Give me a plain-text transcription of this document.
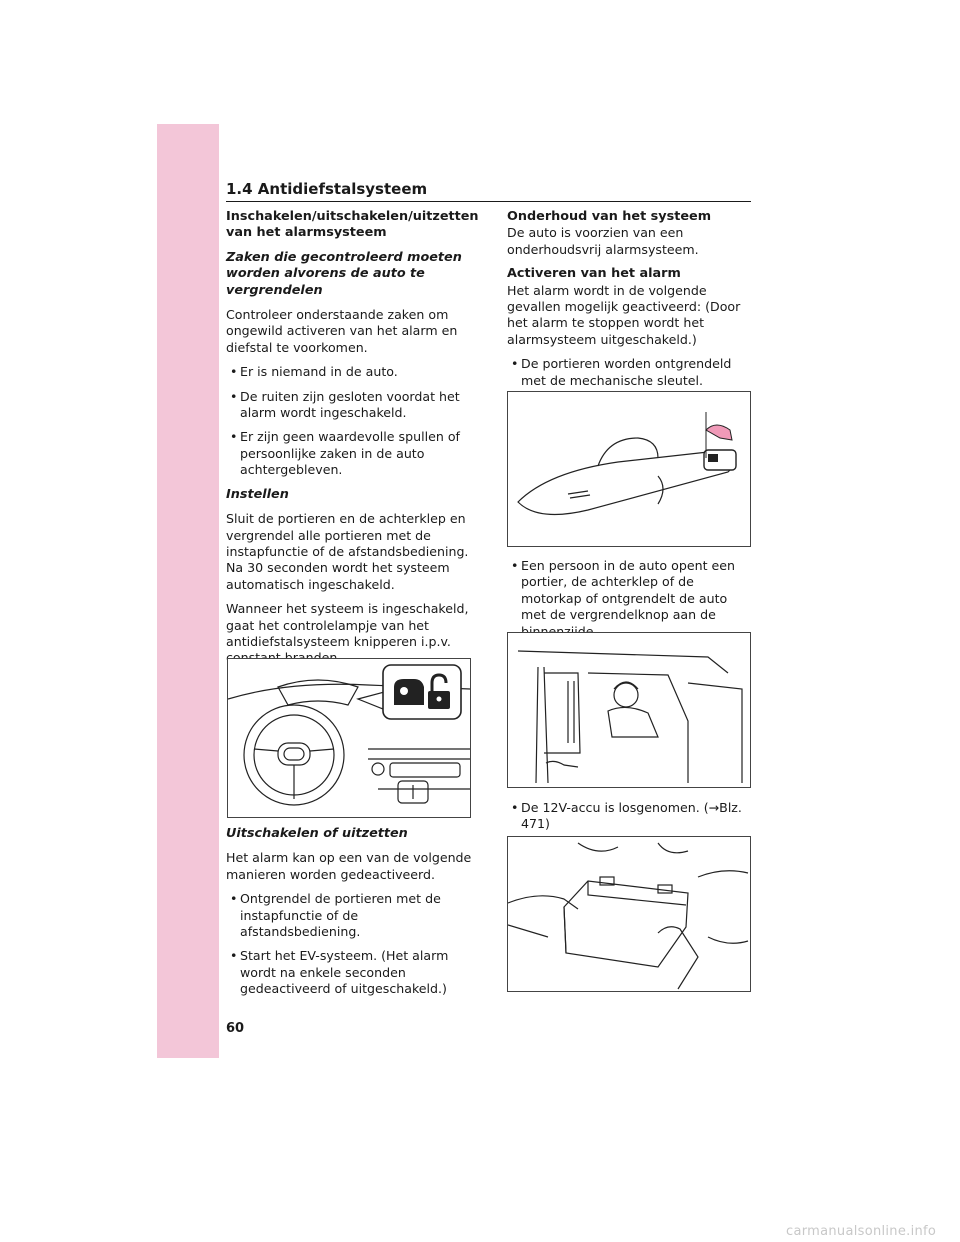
1.4 Antidiefstalsysteem

Inschakelen/uitschakelen/uitzetten van het alarmsysteem

Zaken die gecontroleerd moeten worden alvorens de auto te vergrendelen

Controleer onderstaande zaken om ongewild activeren van het alarm en diefstal te voorkomen.

• Er is niemand in de auto.

• De ruiten zijn gesloten voordat het alarm wordt ingeschakeld.

• Er zijn geen waardevolle spullen of persoonlijke zaken in de auto achtergebleven.

Instellen

Sluit de portieren en de achterklep en vergrendel alle portieren met de instapfunctie of de afstandsbediening. Na 30 seconden wordt het systeem automatisch ingeschakeld.

Wanneer het systeem is ingeschakeld, gaat het controlelampje van het antidiefstalsysteem knipperen i.p.v.

Uitschakelen of uitzetten

Het alarm kan op een van de volgende manieren worden gedeactiveerd.

• Ontgrendel de portieren met de instapfunctie of de afstandsbediening.

• Start het EV-systeem. (Het alarm wordt na enkele seconden gedeactiveerd of uitgeschakeld.)

Onderhoud van het systeem

De auto is voorzien van een onderhoudsvrij alarmsysteem.

Activeren van het alarm

Het alarm wordt in de volgende gevallen mogelijk geactiveerd: (Door het alarm te stoppen wordt het alarmsysteem uitgeschakeld.)

• De portieren worden ontgrendeld met de mechanische sleutel.

• Een persoon in de auto opent een portier, de achterklep of de motorkap of ontgrendelt de auto met de vergrendelknop aan de

• De 12V-accu is losgenomen. (→Blz. 471)

60
carmanualsonline.info
